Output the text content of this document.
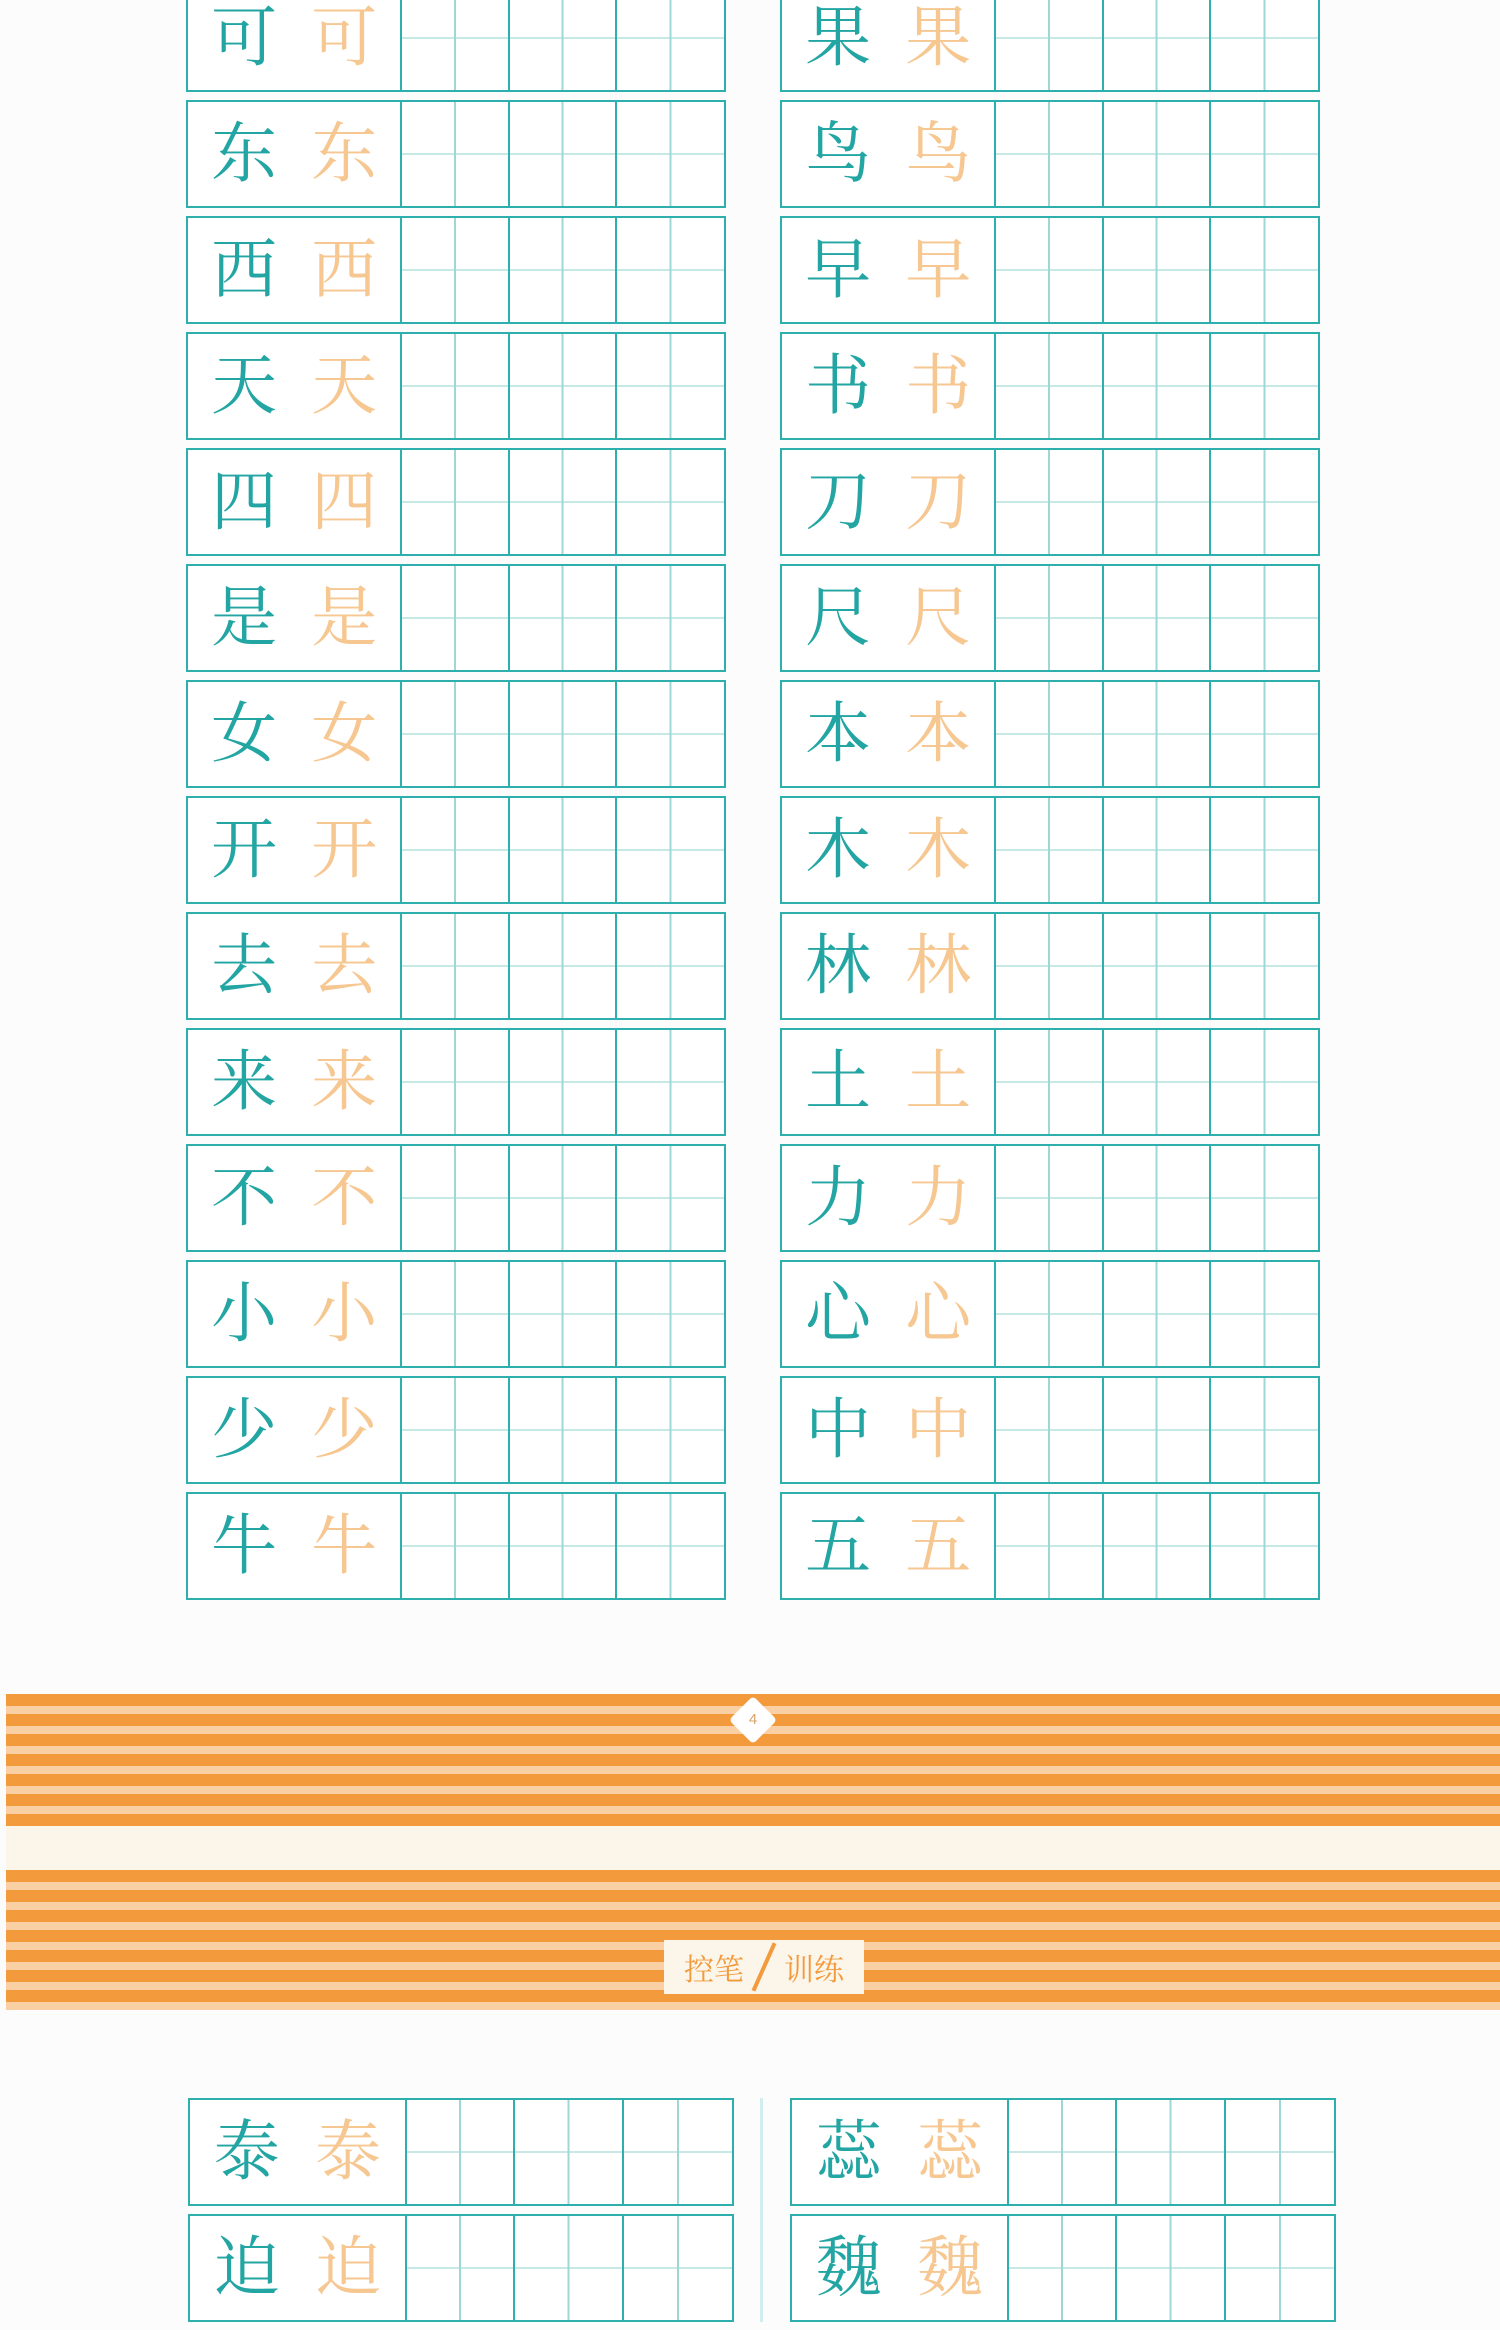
可 可
东 东
西 西
天 天
四 四
是 是
女 女
开 开
去 去
来 来
不 不
小 小
少 少
牛 牛
果 果
鸟 鸟
早 早
书 书
刀 刀
尺 尺
本 本
木 木
林 林
土 土
力 力
心 心
中 中
五 五
4
控笔 训练
泰 泰
迫 迫
蕊 蕊
魏 魏
